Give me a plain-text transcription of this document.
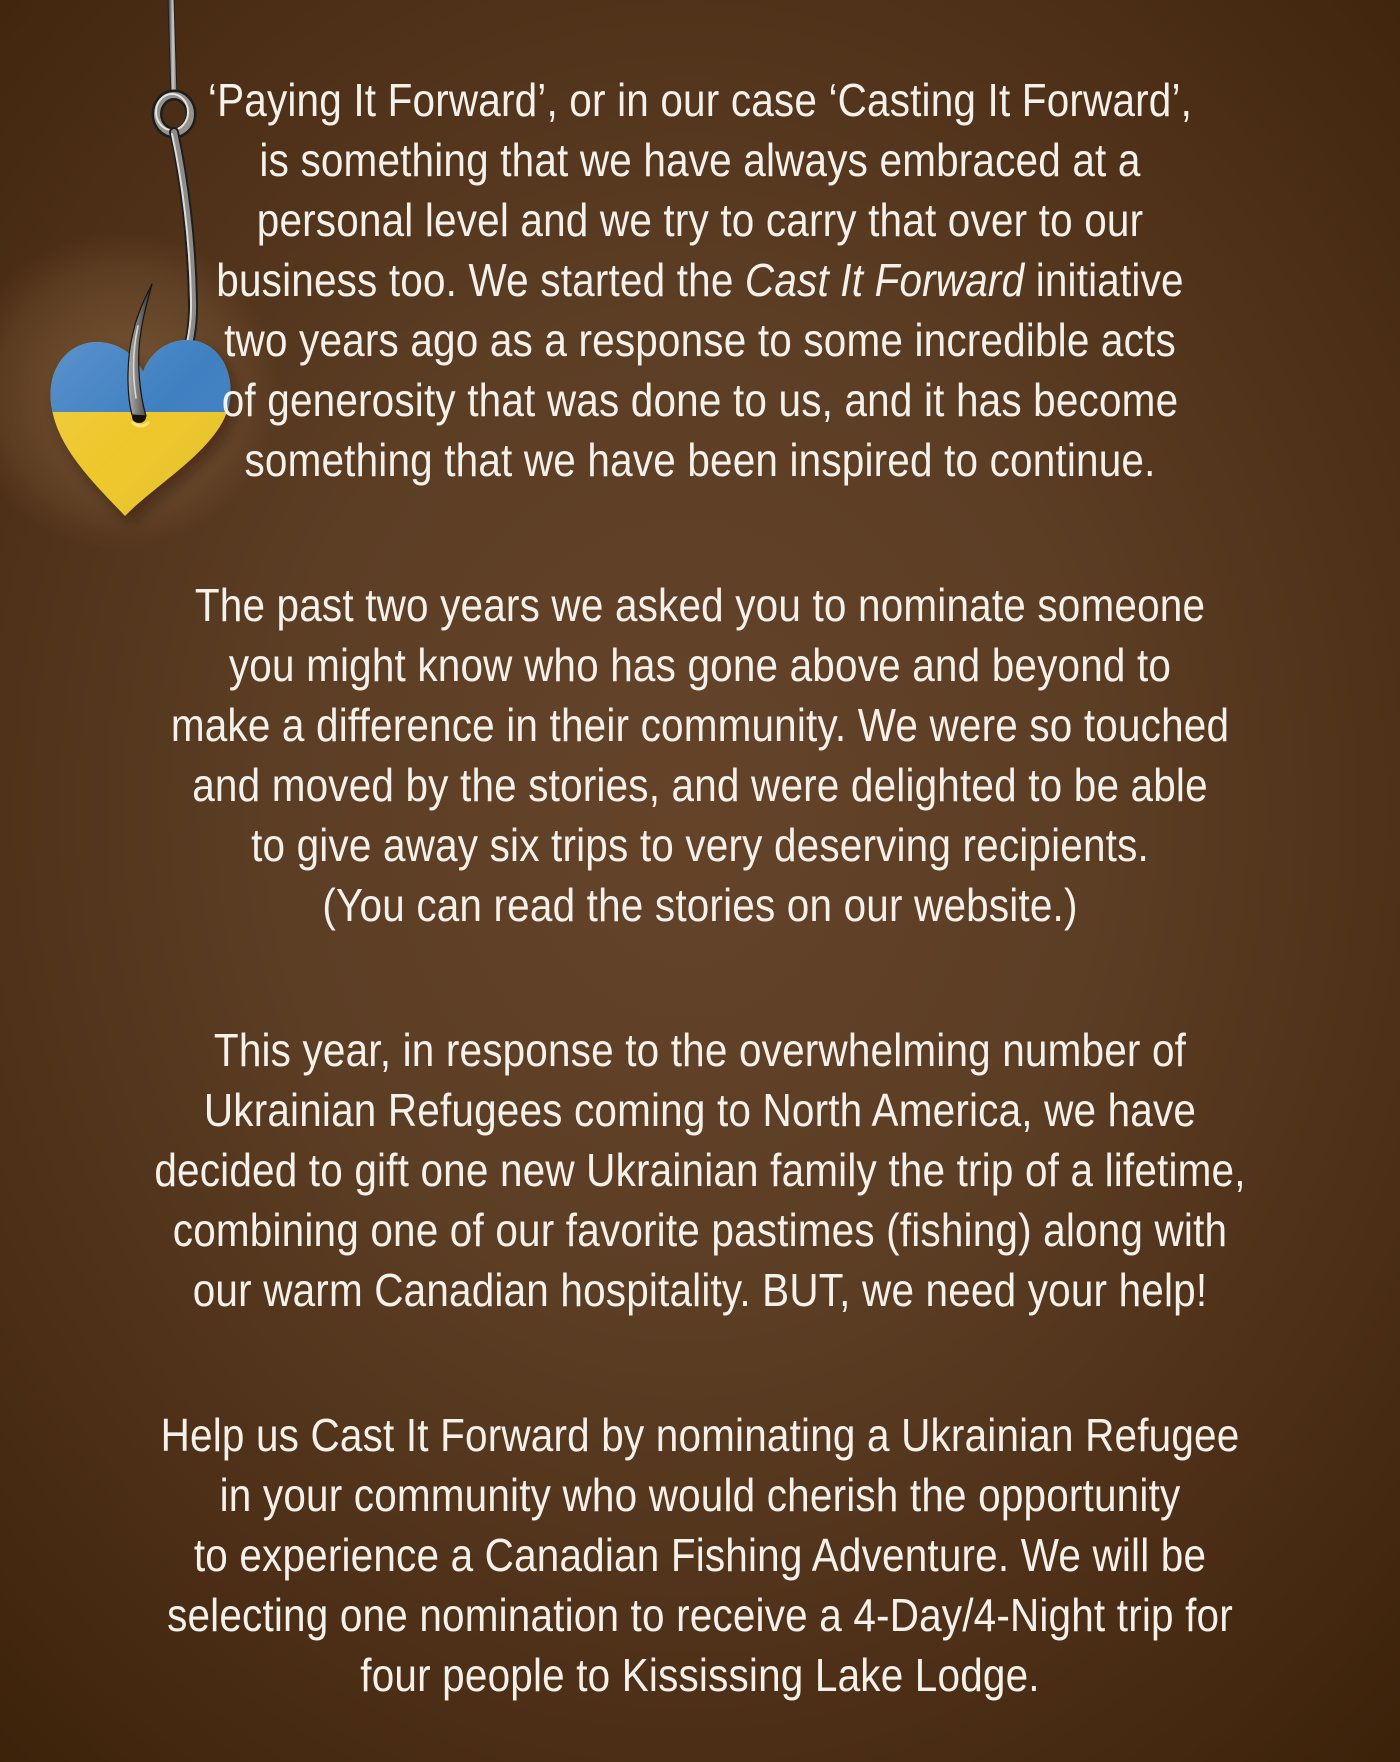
‘Paying It Forward’, or in our case ‘Casting It Forward’,
is something that we have always embraced at a
personal level and we try to carry that over to our
business too. We started the Cast It Forward initiative
two years ago as a response to some incredible acts
of generosity that was done to us, and it has become
something that we have been inspired to continue.
The past two years we asked you to nominate someone
you might know who has gone above and beyond to
make a difference in their community. We were so touched
and moved by the stories, and were delighted to be able
to give away six trips to very deserving recipients.
(You can read the stories on our website.)
This year, in response to the overwhelming number of
Ukrainian Refugees coming to North America, we have
decided to gift one new Ukrainian family the trip of a lifetime,
combining one of our favorite pastimes (fishing) along with
our warm Canadian hospitality. BUT, we need your help!
Help us Cast It Forward by nominating a Ukrainian Refugee
in your community who would cherish the opportunity
to experience a Canadian Fishing Adventure. We will be
selecting one nomination to receive a 4-Day/4-Night trip for
four people to Kississing Lake Lodge.
